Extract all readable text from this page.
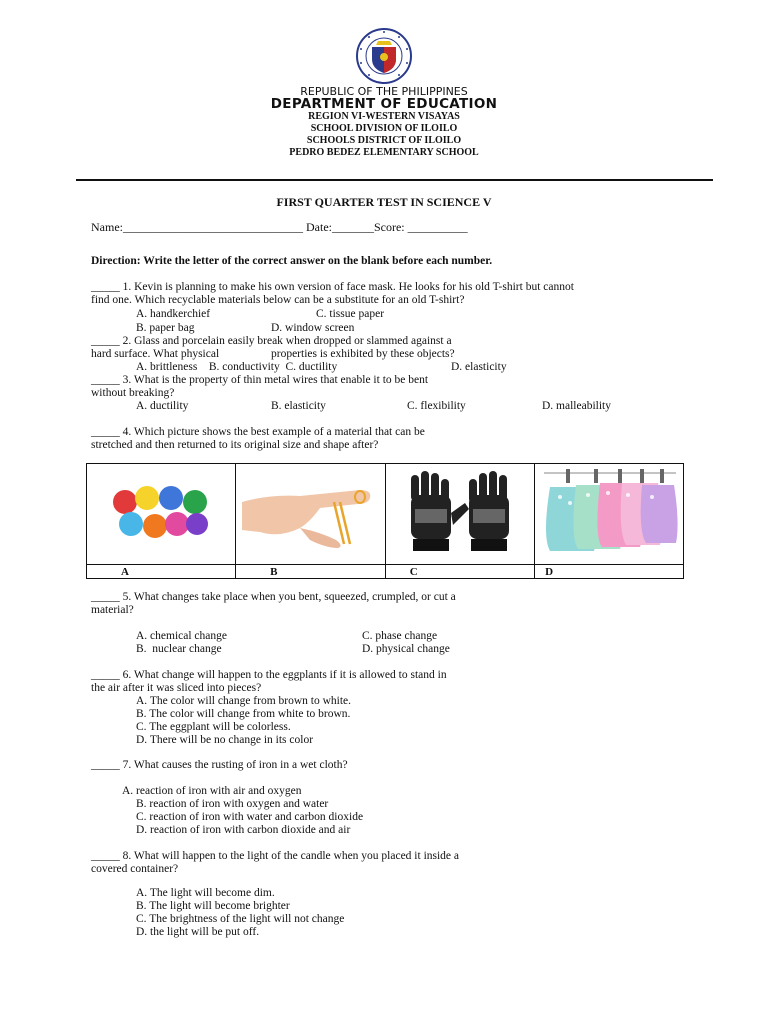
REPUBLIC OF THE PHILIPPINES
DEPARTMENT OF EDUCATION
REGION VI-WESTERN VISAYAS
SCHOOL DIVISION OF ILOILO
SCHOOLS DISTRICT OF ILOILO
PEDRO BEDEZ ELEMENTARY SCHOOL
FIRST QUARTER TEST IN SCIENCE V
Name:______________________________ Date:_______Score: __________
Direction: Write the letter of the correct answer on the blank before each number.
_____ 1. Kevin is planning to make his own version of face mask. He looks for his old T-shirt but cannot
find one. Which recyclable materials below can be a substitute for an old T-shirt?
A. handkerchief	C. tissue paper
B. paper bag	D. window screen
_____ 2. Glass and porcelain easily break when dropped or slammed against a
hard surface. What physical	properties is exhibited by these objects?
A. brittleness    B. conductivity  C. ductility	D. elasticity
_____ 3. What is the property of thin metal wires that enable it to be bent
without breaking?
A. ductility	B. elasticity	C. flexibility	D. malleability
_____ 4. Which picture shows the best example of a material that can be
stretched and then returned to its original size and shape after?

A	B	C	D
_____ 5. What changes take place when you bent, squeezed, crumpled, or cut a
material?
A. chemical change	C. phase change
B.  nuclear change	D. physical change
_____ 6. What change will happen to the eggplants if it is allowed to stand in
the air after it was sliced into pieces?
A. The color will change from brown to white.
B. The color will change from white to brown.
C. The eggplant will be colorless.
D. There will be no change in its color
_____ 7. What causes the rusting of iron in a wet cloth?
A. reaction of iron with air and oxygen
B. reaction of iron with oxygen and water
C. reaction of iron with water and carbon dioxide
D. reaction of iron with carbon dioxide and air
_____ 8. What will happen to the light of the candle when you placed it inside a
covered container?
A. The light will become dim.
B. The light will become brighter
C. The brightness of the light will not change
D. the light will be put off.
